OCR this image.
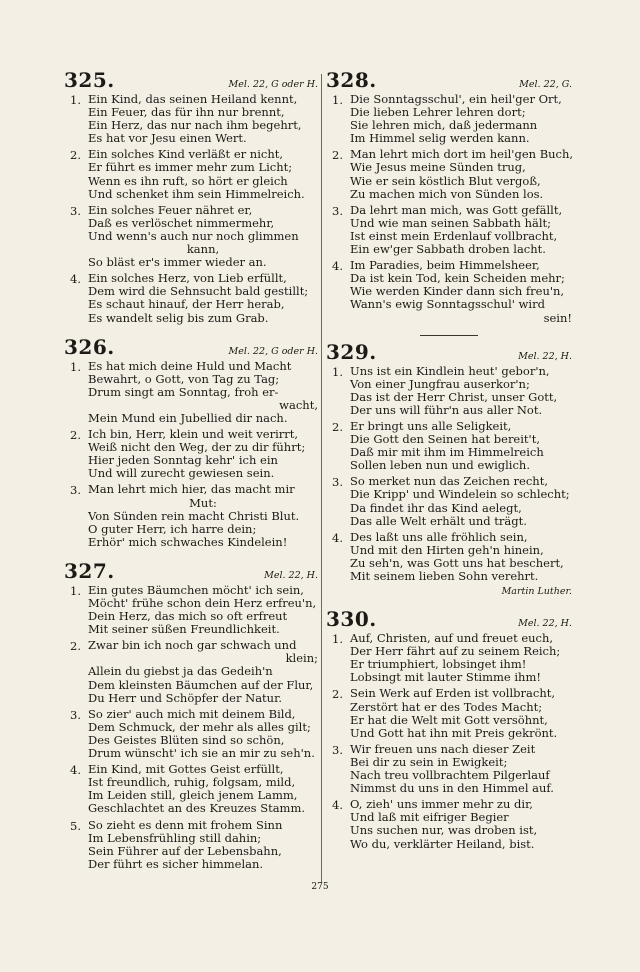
325.	Mel. 22, G oder H.
1. Ein Kind, das seinen Heiland kennt,
Ein Feuer, das für ihn nur brennt,
Ein Herz, das nur nach ihm begehrt,
Es hat vor Jesu einen Wert.
2. Ein solches Kind verläßt er nicht,
Er führt es immer mehr zum Licht;
Wenn es ihn ruft, so hört er gleich
Und schenket ihm sein Himmelreich.
3. Ein solches Feuer nähret er,
Daß es verlöschet nimmermehr,
Und wenn's auch nur noch glimmen
kann,
So bläst er's immer wieder an.
4. Ein solches Herz, von Lieb erfüllt,
Dem wird die Sehnsucht bald gestillt;
Es schaut hinauf, der Herr herab,
Es wandelt selig bis zum Grab.
326.	Mel. 22, G oder H.
1. Es hat mich deine Huld und Macht
Bewahrt, o Gott, von Tag zu Tag;
Drum singt am Sonntag, froh er-
wacht,
Mein Mund ein Jubellied dir nach.
2. Ich bin, Herr, klein und weit verirrt,
Weiß nicht den Weg, der zu dir führt;
Hier jeden Sonntag kehr' ich ein
Und will zurecht gewiesen sein.
3. Man lehrt mich hier, das macht mir
Mut:
Von Sünden rein macht Christi Blut.
O guter Herr, ich harre dein;
Erhör' mich schwaches Kindelein!
327.	Mel. 22, H.
1. Ein gutes Bäumchen möcht' ich sein,
Möcht' frühe schon dein Herz erfreu'n,
Dein Herz, das mich so oft erfreut
Mit seiner süßen Freundlichkeit.
2. Zwar bin ich noch gar schwach und
klein;
Allein du giebst ja das Gedeih'n
Dem kleinsten Bäumchen auf der Flur,
Du Herr und Schöpfer der Natur.
3. So zier' auch mich mit deinem Bild,
Dem Schmuck, der mehr als alles gilt;
Des Geistes Blüten sind so schön,
Drum wünscht' ich sie an mir zu seh'n.
4. Ein Kind, mit Gottes Geist erfüllt,
Ist freundlich, ruhig, folgsam, mild,
Im Leiden still, gleich jenem Lamm,
Geschlachtet an des Kreuzes Stamm.
5. So zieht es denn mit frohem Sinn
Im Lebensfrühling still dahin;
Sein Führer auf der Lebensbahn,
Der führt es sicher himmelan.
328.	Mel. 22, G.
1. Die Sonntagsschul', ein heil'ger Ort,
Die lieben Lehrer lehren dort;
Sie lehren mich, daß jedermann
Im Himmel selig werden kann.
2. Man lehrt mich dort im heil'gen Buch,
Wie Jesus meine Sünden trug,
Wie er sein köstlich Blut vergoß,
Zu machen mich von Sünden los.
3. Da lehrt man mich, was Gott gefällt,
Und wie man seinen Sabbath hält;
Ist einst mein Erdenlauf vollbracht,
Ein ew'ger Sabbath droben lacht.
4. Im Paradies, beim Himmelsheer,
Da ist kein Tod, kein Scheiden mehr;
Wie werden Kinder dann sich freu'n,
Wann's ewig Sonntagsschul' wird
sein!
329.	Mel. 22, H.
1. Uns ist ein Kindlein heut' gebor'n,
Von einer Jungfrau auserkor'n;
Das ist der Herr Christ, unser Gott,
Der uns will führ'n aus aller Not.
2. Er bringt uns alle Seligkeit,
Die Gott den Seinen hat bereit't,
Daß mir mit ihm im Himmelreich
Sollen leben nun und ewiglich.
3. So merket nun das Zeichen recht,
Die Kripp' und Windelein so schlecht;
Da findet ihr das Kind aelegt,
Das alle Welt erhält und trägt.
4. Des laßt uns alle fröhlich sein,
Und mit den Hirten geh'n hinein,
Zu seh'n, was Gott uns hat beschert,
Mit seinem lieben Sohn verehrt.
Martin Luther.
330.	Mel. 22, H.
1. Auf, Christen, auf und freuet euch,
Der Herr fährt auf zu seinem Reich;
Er triumphiert, lobsinget ihm!
Lobsingt mit lauter Stimme ihm!
2. Sein Werk auf Erden ist vollbracht,
Zerstört hat er des Todes Macht;
Er hat die Welt mit Gott versöhnt,
Und Gott hat ihn mit Preis gekrönt.
3. Wir freuen uns nach dieser Zeit
Bei dir zu sein in Ewigkeit;
Nach treu vollbrachtem Pilgerlauf
Nimmst du uns in den Himmel auf.
4. O, zieh' uns immer mehr zu dir,
Und laß mit eifriger Begier
Uns suchen nur, was droben ist,
Wo du, verklärter Heiland, bist.
275
